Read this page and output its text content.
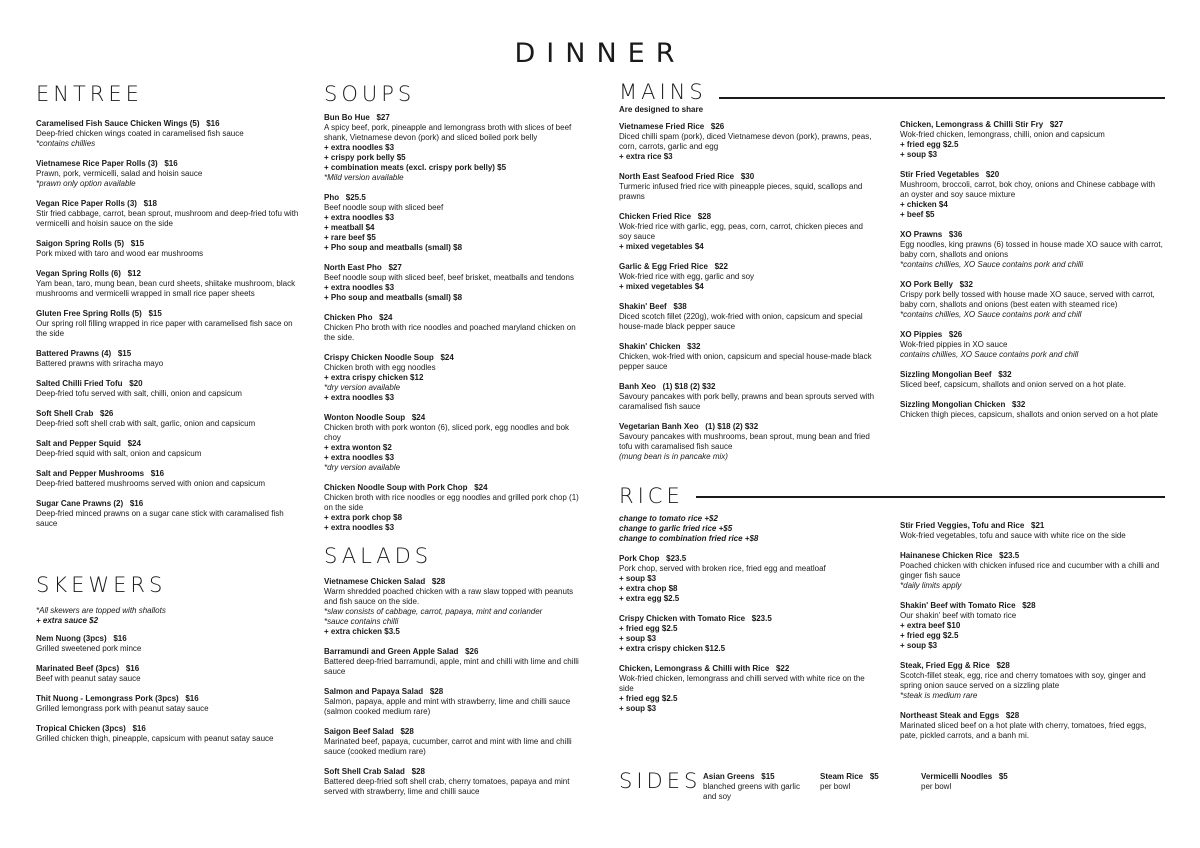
DINNER
ENTREE
Caramelised Fish Sauce Chicken Wings (5) $16
Deep-fried chicken wings coated in caramelised fish sauce
*contains chillies
Vietnamese Rice Paper Rolls (3) $16
Prawn, pork, vermicelli, salad and hoisin sauce
*prawn only option available
Vegan Rice Paper Rolls (3) $18
Stir fried cabbage, carrot, bean sprout, mushroom and deep-fried tofu with vermicelli and hoisin sauce on the side
Saigon Spring Rolls (5) $15
Pork mixed with taro and wood ear mushrooms
Vegan Spring Rolls (6) $12
Yam bean, taro, mung bean, bean curd sheets, shiitake mushroom, black mushrooms and vermicelli wrapped in small rice paper sheets
Gluten Free Spring Rolls (5) $15
Our spring roll filling wrapped in rice paper with caramelised fish sace on the side
Battered Prawns (4) $15
Battered prawns with sriracha mayo
Salted Chilli Fried Tofu $20
Deep-fried tofu served with salt, chilli, onion and capsicum
Soft Shell Crab $26
Deep-fried soft shell crab with salt, garlic, onion and capsicum
Salt and Pepper Squid $24
Deep-fried squid with salt, onion and capsicum
Salt and Pepper Mushrooms $16
Deep-fried battered mushrooms served with onion and capsicum
Sugar Cane Prawns (2) $16
Deep-fried minced prawns on a sugar cane stick with caramalised fish sauce
SKEWERS
*All skewers are topped with shallots
+ extra sauce $2
Nem Nuong (3pcs) $16
Grilled sweetened pork mince
Marinated Beef (3pcs) $16
Beef with peanut satay sauce
Thit Nuong - Lemongrass Pork (3pcs) $16
Grilled lemongrass pork with peanut satay sauce
Tropical Chicken (3pcs) $16
Grilled chicken thigh, pineapple, capsicum with peanut satay sauce
SOUPS
Bun Bo Hue $27
A spicy beef, pork, pineapple and lemongrass broth with slices of beef shank, Vietnamese devon (pork) and sliced boiled pork belly
+ extra noodles $3
+ crispy pork belly $5
+ combination meats (excl. crispy pork belly) $5
*Mild version available
Pho $25.5
Beef noodle soup with sliced beef
+ extra noodles $3
+ meatball $4
+ rare beef $5
+ Pho soup and meatballs (small) $8
North East Pho $27
Beef noodle soup with sliced beef, beef brisket, meatballs and tendons
+ extra noodles $3
+ Pho soup and meatballs (small) $8
Chicken Pho $24
Chicken Pho broth with rice noodles and poached maryland chicken on the side.
Crispy Chicken Noodle Soup $24
Chicken broth with egg noodles
+ extra crispy chicken $12
*dry version available
+ extra noodles $3
Wonton Noodle Soup $24
Chicken broth with pork wonton (6), sliced pork, egg noodles and bok choy
+ extra wonton $2
+ extra noodles $3
*dry version available
Chicken Noodle Soup with Pork Chop $24
Chicken broth with rice noodles or egg noodles and grilled pork chop (1) on the side
+ extra pork chop $8
+ extra noodles $3
SALADS
Vietnamese Chicken Salad $28
Warm shredded poached chicken with a raw slaw topped with peanuts and fish sauce on the side.
*slaw consists of cabbage, carrot, papaya, mint and coriander
*sauce contains chilli
+ extra chicken $3.5
Barramundi and Green Apple Salad $26
Battered deep-fried barramundi, apple, mint and chilli with lime and chilli sauce
Salmon and Papaya Salad $28
Salmon, papaya, apple and mint with strawberry, lime and chilli sauce (salmon cooked medium rare)
Saigon Beef Salad $28
Marinated beef, papaya, cucumber, carrot and mint with lime and chilli sauce (cooked medium rare)
Soft Shell Crab Salad $28
Battered deep-fried soft shell crab, cherry tomatoes, papaya and mint served with strawberry, lime and chilli sauce
MAINS
Are designed to share
Vietnamese Fried Rice $26
Diced chilli spam (pork), diced Vietnamese devon (pork), prawns, peas, corn, carrots, garlic and egg
+ extra rice $3
North East Seafood Fried Rice $30
Turmeric infused fried rice with pineapple pieces, squid, scallops and prawns
Chicken Fried Rice $28
Wok-fried rice with garlic, egg, peas, corn, carrot, chicken pieces and soy sauce
+ mixed vegetables $4
Garlic & Egg Fried Rice $22
Wok-fried rice with egg, garlic and soy
+ mixed vegetables $4
Shakin' Beef $38
Diced scotch fillet (220g), wok-fried with onion, capsicum and special house-made black pepper sauce
Shakin' Chicken $32
Chicken, wok-fried with onion, capsicum and special house-made black pepper sauce
Banh Xeo (1) $18 (2) $32
Savoury pancakes with pork belly, prawns and bean sprouts served with caramalised fish sauce
Vegetarian Banh Xeo (1) $18 (2) $32
Savoury pancakes with mushrooms, bean sprout, mung bean and fried tofu with caramalised fish sauce
(mung bean is in pancake mix)
Chicken, Lemongrass & Chilli Stir Fry $27
Wok-fried chicken, lemongrass, chilli, onion and capsicum
+ fried egg $2.5
+ soup $3
Stir Fried Vegetables $20
Mushroom, broccoli, carrot, bok choy, onions and Chinese cabbage with an oyster and soy sauce mixture
+ chicken $4
+ beef $5
XO Prawns $36
Egg noodles, king prawns (6) tossed in house made XO sauce with carrot, baby corn, shallots and onions
*contains chillies, XO Sauce contains pork and chilli
XO Pork Belly $32
Crispy pork belly tossed with house made XO sauce, served with carrot, baby corn, shallots and onions (best eaten with steamed rice)
*contains chillies, XO Sauce contains pork and chill
XO Pippies $26
Wok-fried pippies in XO sauce
contains chillies, XO Sauce contains pork and chill
Sizzling Mongolian Beef $32
Sliced beef, capsicum, shallots and onion served on a hot plate.
Sizzling Mongolian Chicken $32
Chicken thigh pieces, capsicum, shallots and onion served on a hot plate
RICE
change to tomato rice +$2
change to garlic fried rice +$5
change to combination fried rice +$8
Pork Chop $23.5
Pork chop, served with broken rice, fried egg and meatloaf
+ soup $3
+ extra chop $8
+ extra egg $2.5
Crispy Chicken with Tomato Rice $23.5
+ fried egg $2.5
+ soup $3
+ extra crispy chicken $12.5
Chicken, Lemongrass & Chilli with Rice $22
Wok-fried chicken, lemongrass and chilli served with white rice on the side
+ fried egg $2.5
+ soup $3
Stir Fried Veggies, Tofu and Rice $21
Wok-fried vegetables, tofu and sauce with white rice on the side
Hainanese Chicken Rice $23.5
Poached chicken with chicken infused rice and cucumber with a chilli and ginger fish sauce
*daily limits apply
Shakin' Beef with Tomato Rice $28
Our shakin' beef with tomato rice
+ extra beef $10
+ fried egg $2.5
+ soup $3
Steak, Fried Egg & Rice $28
Scotch-fillet steak, egg, rice and cherry tomatoes with soy, ginger and spring onion sauce served on a sizzling plate
*steak is medium rare
Northeast Steak and Eggs $28
Marinated sliced beef on a hot plate with cherry, tomatoes, fried eggs, pate, pickled carrots, and a banh mi.
SIDES Asian Greens $15
blanched greens with garlic and soy
Steam Rice $5
per bowl
Vermicelli Noodles $5
per bowl
